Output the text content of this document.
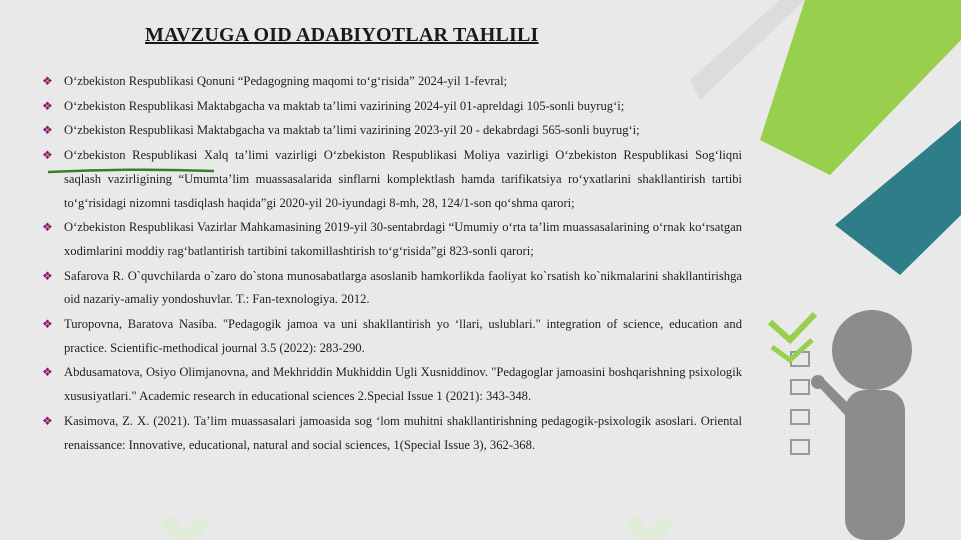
MAVZUGA OID ADABIYOTLAR TAHLILI
❖ O‘zbekiston Respublikasi Qonuni “Pedagogning maqomi to‘g‘risida” 2024-yil 1-fevral;
❖ O‘zbekiston Respublikasi Maktabgacha va maktab ta’limi vazirining 2024-yil 01-apreldagi 105-sonli buyrug‘i;
❖ O‘zbekiston Respublikasi Maktabgacha va maktab ta’limi vazirining 2023-yil 20 - dekabrdagi 565-sonli buyrug‘i;
❖ O‘zbekiston Respublikasi Xalq ta’limi vazirligi O‘zbekiston Respublikasi Moliya vazirligi O‘zbekiston Respublikasi Sog‘liqni saqlash vazirligining “Umumta’lim muassasalarida sinflarni komplektlash hamda tarifikatsiya ro‘yxatlarini shakllantirish tartibi to‘g‘risidagi nizomni tasdiqlash haqida”gi 2020-yil 20-iyundagi 8-mh, 28, 124/1-son qo‘shma qarori;
❖ O‘zbekiston Respublikasi Vazirlar Mahkamasining 2019-yil 30-sentabrdagi “Umumiy o‘rta ta’lim muassasalarining o‘rnak ko‘rsatgan xodimlarini moddiy rag‘batlantirish tartibini takomillashtirish to‘g‘risida”gi 823-sonli qarori;
❖ Safarova R. O`quvchilarda o`zaro do`stona munosabatlarga asoslanib hamkorlikda faoliyat ko`rsatish ko`nikmalarini shakllantirishga oid nazariy-amaliy yondoshuvlar. T.: Fan-texnologiya. 2012.
❖ Turopovna, Baratova Nasiba. "Pedagogik jamoa va uni shakllantirish yo ‘llari, uslublari." integration of science, education and practice. Scientific-methodical journal 3.5 (2022): 283-290.
❖ Abdusamatova, Osiyo Olimjanovna, and Mekhriddin Mukhiddin Ugli Xusniddinov. "Pedagoglar jamoasini boshqarishning psixologik xususiyatlari." Academic research in educational sciences 2.Special Issue 1 (2021): 343-348.
❖ Kasimova, Z. X. (2021). Ta’lim muassasalari jamoasida sog ‘lom muhitni shakllantirishning pedagogik-psixologik asoslari. Oriental renaissance: Innovative, educational, natural and social sciences, 1(Special Issue 3), 362-368.
